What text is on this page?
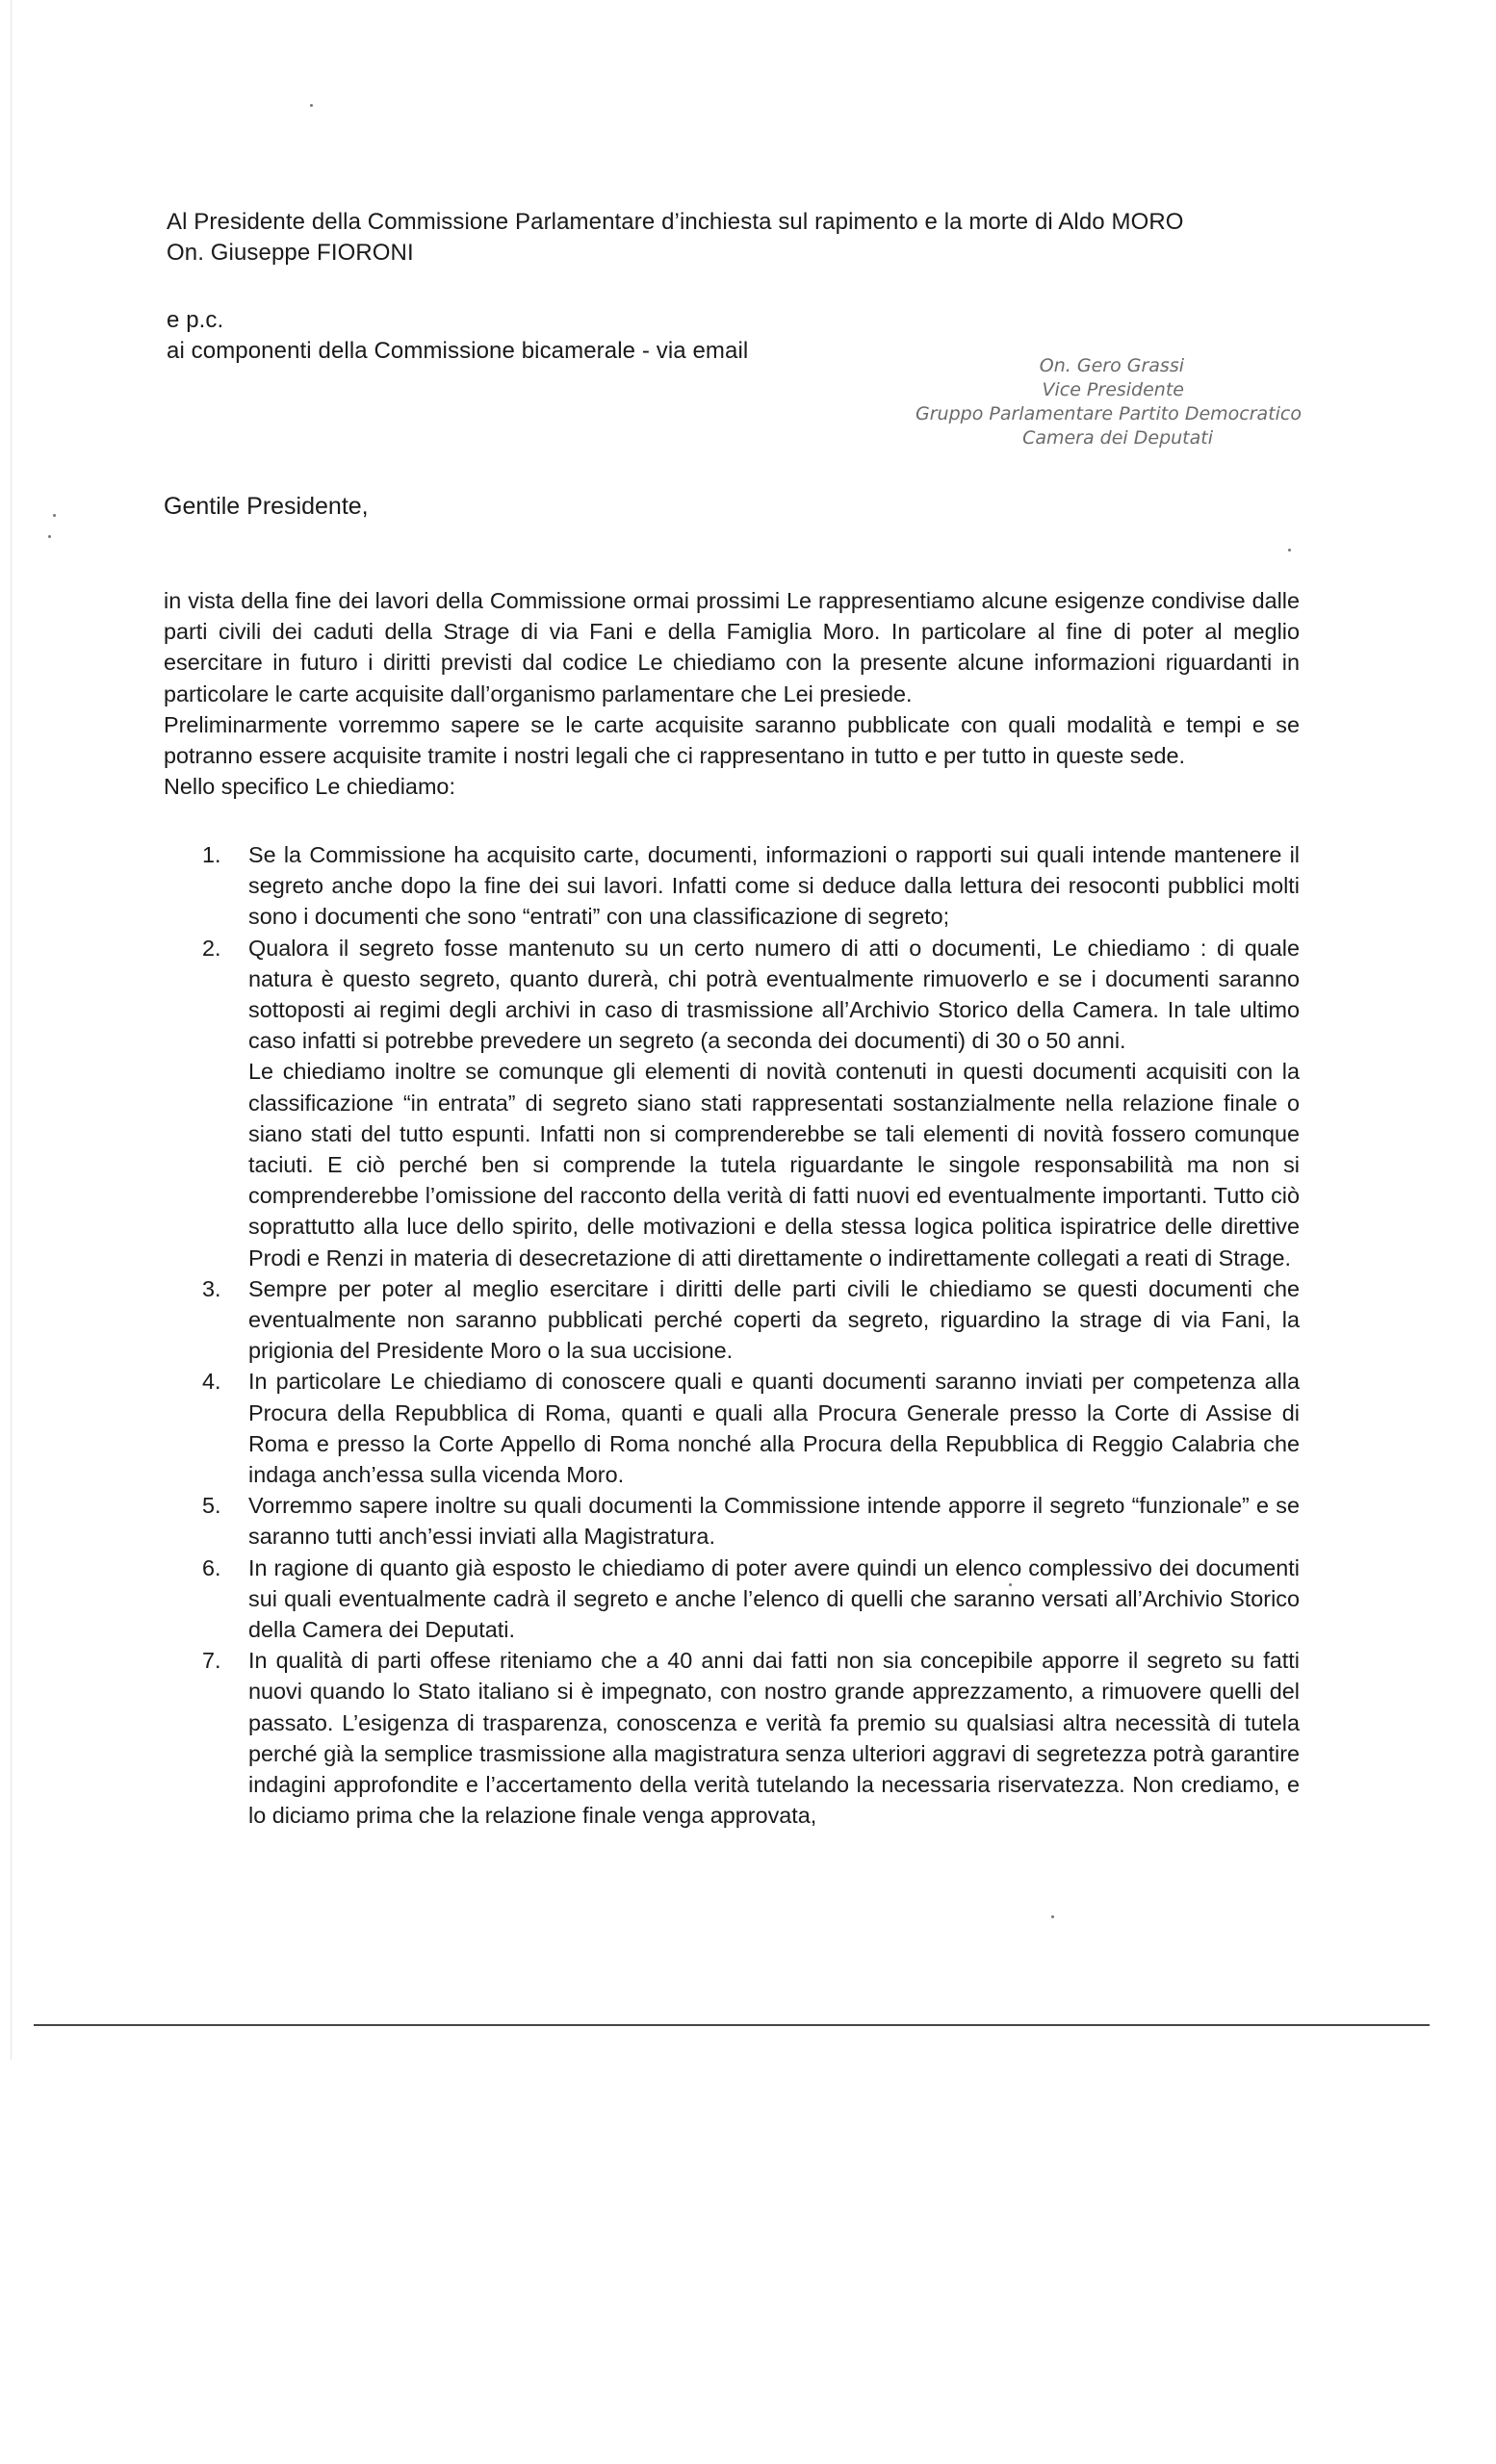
Al Presidente della Commissione Parlamentare d’inchiesta sul rapimento e la morte di Aldo MORO
On. Giuseppe FIORONI
e p.c.
ai componenti della Commissione bicamerale - via email
On. Gero Grassi
Vice Presidente
Gruppo Parlamentare Partito Democratico
Camera dei Deputati
Gentile Presidente,

in vista della fine dei lavori della Commissione ormai prossimi Le rappresentiamo alcune esigenze condivise dalle parti civili dei caduti della Strage di via Fani e della Famiglia Moro. In particolare al fine di poter al meglio esercitare in futuro i diritti previsti dal codice Le chiediamo con la presente alcune informazioni riguardanti in particolare le carte acquisite dall’organismo parlamentare che Lei presiede.

Preliminarmente vorremmo sapere se le carte acquisite saranno pubblicate con quali modalità e tempi e se potranno essere acquisite tramite i nostri legali che ci rappresentano in tutto e per tutto in queste sede.

Nello specifico Le chiediamo:

1. Se la Commissione ha acquisito carte, documenti, informazioni o rapporti sui quali intende mantenere il segreto anche dopo la fine dei sui lavori. Infatti come si deduce dalla lettura dei resoconti pubblici molti sono i documenti che sono “entrati” con una classificazione di segreto;
2. Qualora il segreto fosse mantenuto su un certo numero di atti o documenti, Le chiediamo : di quale natura è questo segreto, quanto durerà, chi potrà eventualmente rimuoverlo e se i documenti saranno sottoposti ai regimi degli archivi in caso di trasmissione all’Archivio Storico della Camera. In tale ultimo caso infatti si potrebbe prevedere un segreto (a seconda dei documenti) di 30 o 50 anni.
Le chiediamo inoltre se comunque gli elementi di novità contenuti in questi documenti acquisiti con la classificazione “in entrata” di segreto siano stati rappresentati sostanzialmente nella relazione finale o siano stati del tutto espunti. Infatti non si comprenderebbe se tali elementi di novità fossero comunque taciuti. E ciò perché ben si comprende la tutela riguardante le singole responsabilità ma non si comprenderebbe l’omissione del racconto della verità di fatti nuovi ed eventualmente importanti. Tutto ciò soprattutto alla luce dello spirito, delle motivazioni e della stessa logica politica ispiratrice delle direttive Prodi e Renzi in materia di desecretazione di atti direttamente o indirettamente collegati a reati di Strage.
3. Sempre per poter al meglio esercitare i diritti delle parti civili le chiediamo se questi documenti che eventualmente non saranno pubblicati perché coperti da segreto, riguardino la strage di via Fani, la prigionia del Presidente Moro o la sua uccisione.
4. In particolare Le chiediamo di conoscere quali e quanti documenti saranno inviati per competenza alla Procura della Repubblica di Roma, quanti e quali alla Procura Generale presso la Corte di Assise di Roma e presso la Corte Appello di Roma nonché alla Procura della Repubblica di Reggio Calabria che indaga anch’essa sulla vicenda Moro.
5. Vorremmo sapere inoltre su quali documenti la Commissione intende apporre il segreto “funzionale” e se saranno tutti anch’essi inviati alla Magistratura.
6. In ragione di quanto già esposto le chiediamo di poter avere quindi un elenco complessivo dei documenti sui quali eventualmente cadrà il segreto e anche l’elenco di quelli che saranno versati all’Archivio Storico della Camera dei Deputati.
7. In qualità di parti offese riteniamo che a 40 anni dai fatti non sia concepibile apporre il segreto su fatti nuovi quando lo Stato italiano si è impegnato, con nostro grande apprezzamento, a rimuovere quelli del passato. L’esigenza di trasparenza, conoscenza e verità fa premio su qualsiasi altra necessità di tutela perché già la semplice trasmissione alla magistratura senza ulteriori aggravi di segretezza potrà garantire indagini approfondite e l’accertamento della verità tutelando la necessaria riservatezza. Non crediamo, e lo diciamo prima che la relazione finale venga approvata,
